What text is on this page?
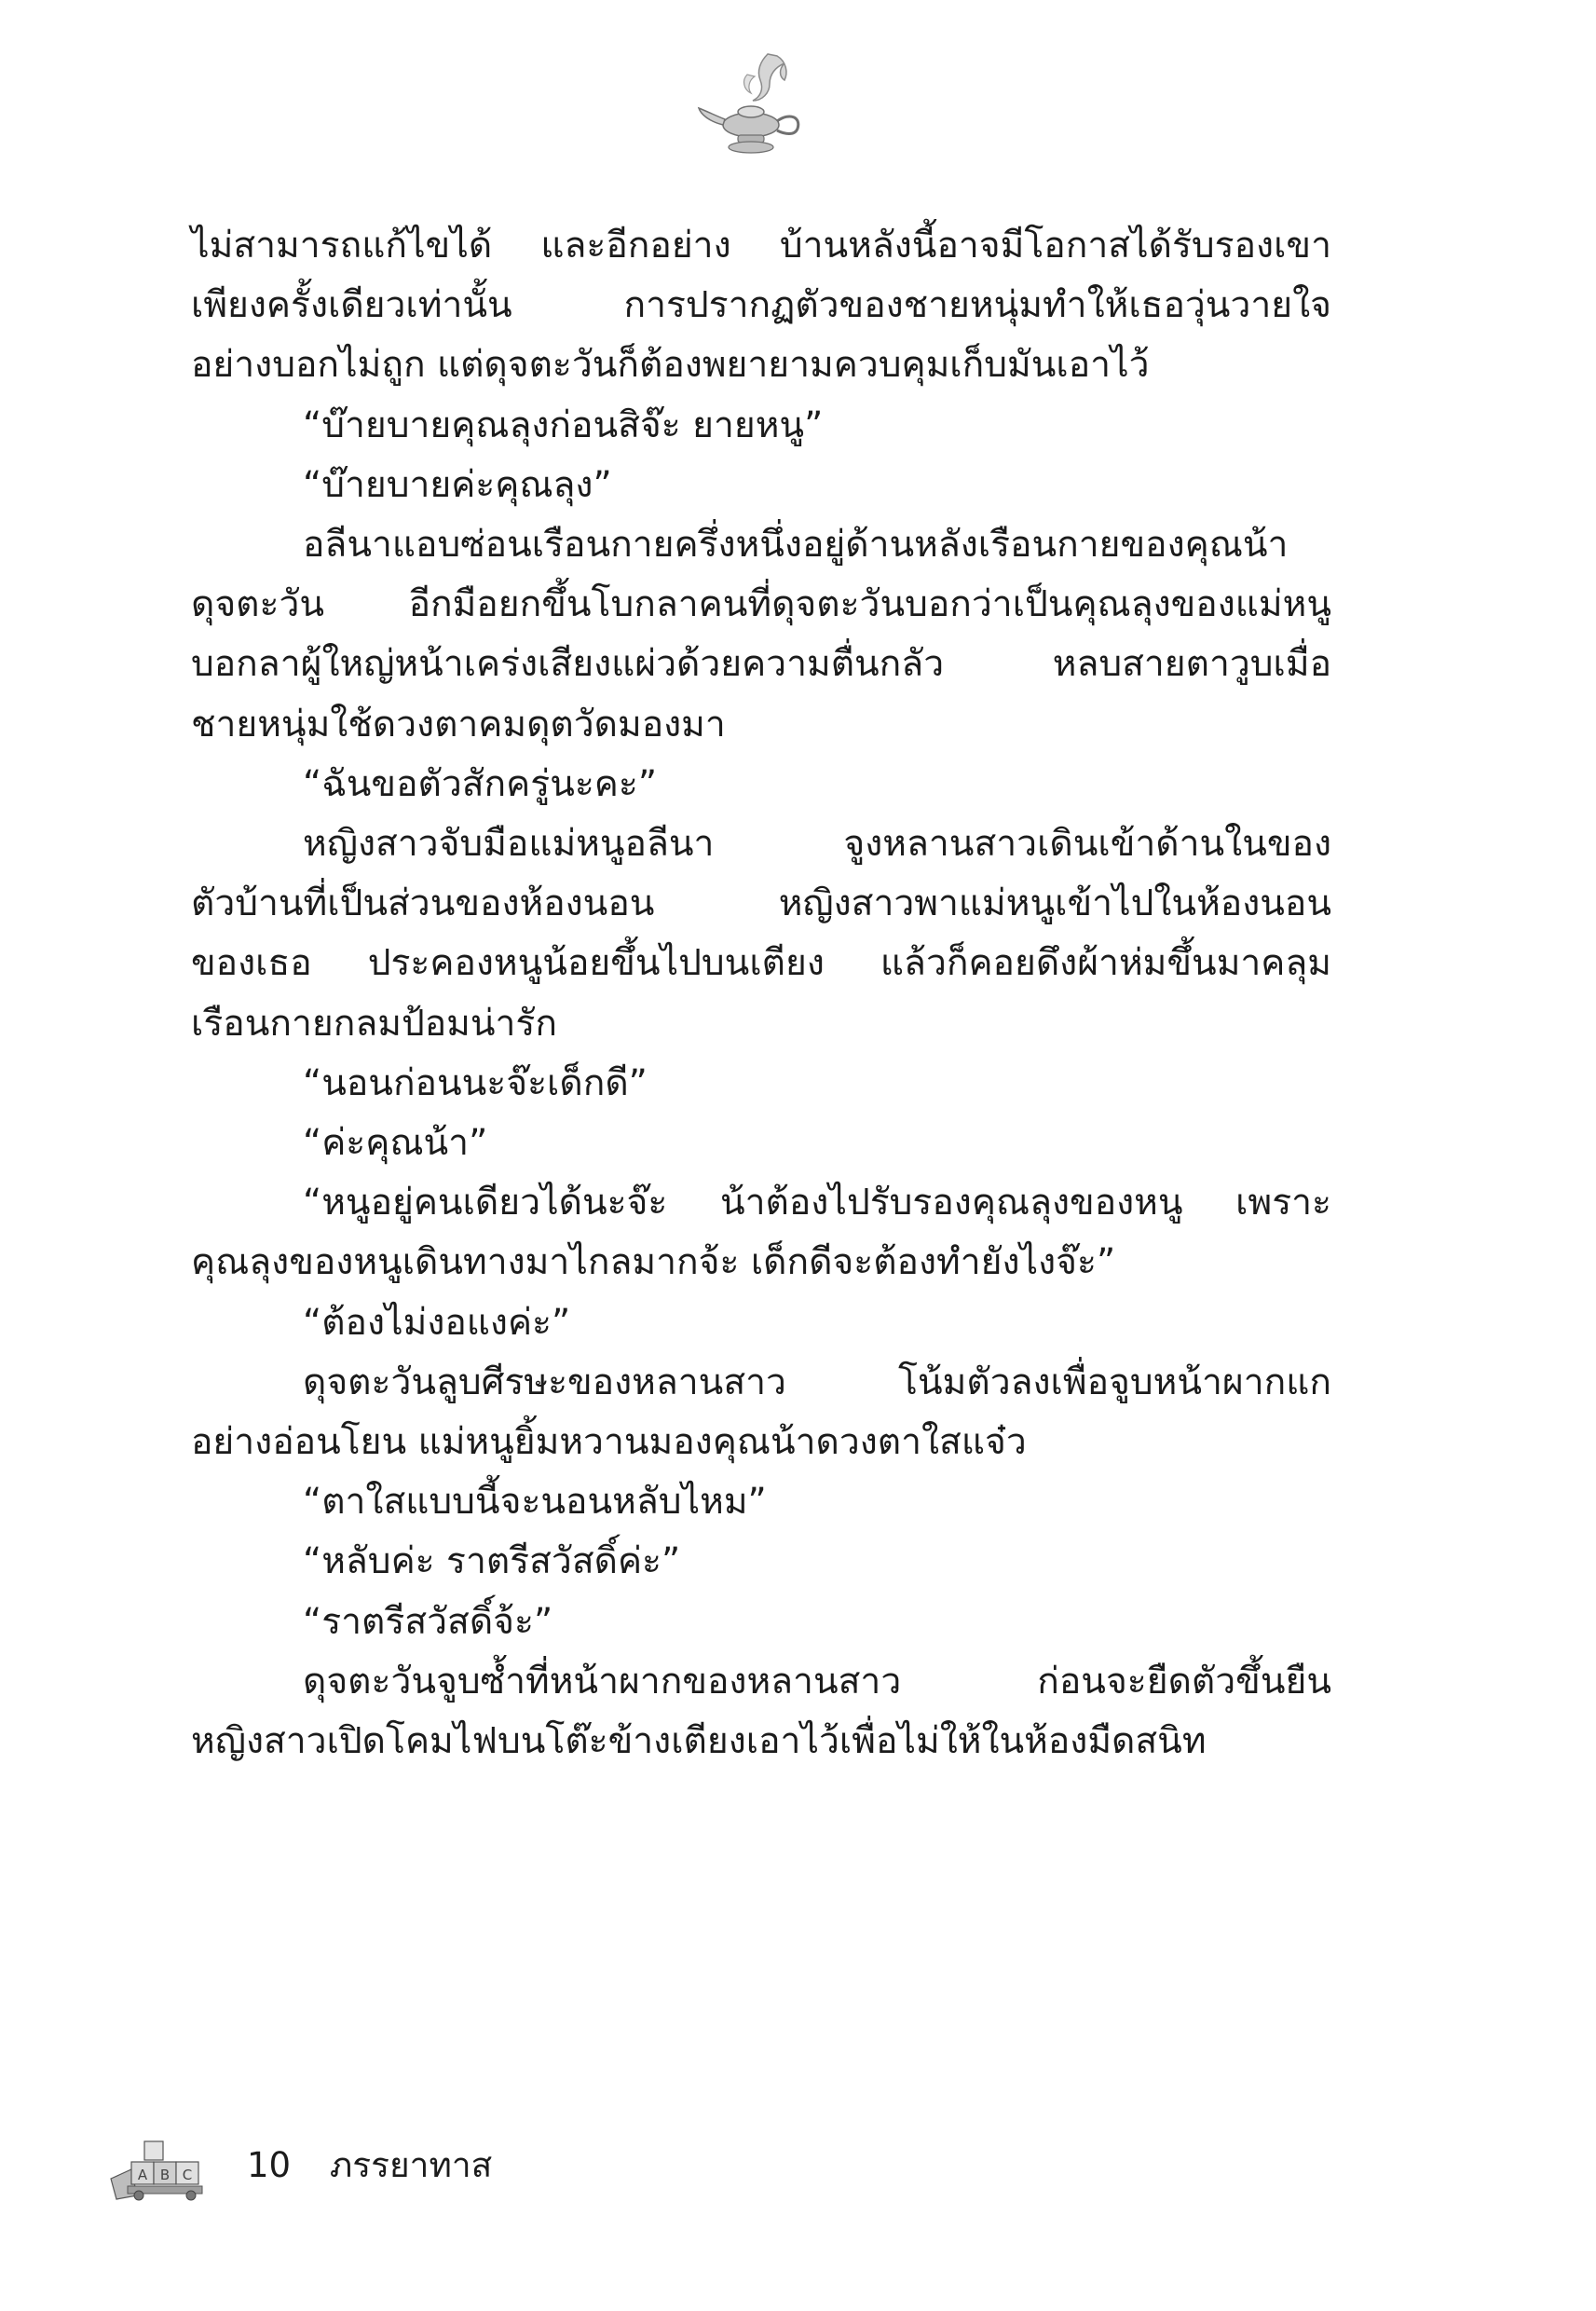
ไม่สามารถแก้ไขได้ และอีกอย่าง บ้านหลังนี้อาจมีโอกาสได้รับรองเขา
เพียงครั้งเดียวเท่านั้น การปรากฏตัวของชายหนุ่มทำให้เธอวุ่นวายใจ
อย่างบอกไม่ถูก แต่ดุจตะวันก็ต้องพยายามควบคุมเก็บมันเอาไว้
“บ๊ายบายคุณลุงก่อนสิจ๊ะ ยายหนู”
“บ๊ายบายค่ะคุณลุง”
อลีนาแอบซ่อนเรือนกายครึ่งหนึ่งอยู่ด้านหลังเรือนกายของคุณน้า
ดุจตะวัน อีกมือยกขึ้นโบกลาคนที่ดุจตะวันบอกว่าเป็นคุณลุงของแม่หนู
บอกลาผู้ใหญ่หน้าเคร่งเสียงแผ่วด้วยความตื่นกลัว หลบสายตาวูบเมื่อ
ชายหนุ่มใช้ดวงตาคมดุตวัดมองมา
“ฉันขอตัวสักครู่นะคะ”
หญิงสาวจับมือแม่หนูอลีนา จูงหลานสาวเดินเข้าด้านในของ
ตัวบ้านที่เป็นส่วนของห้องนอน หญิงสาวพาแม่หนูเข้าไปในห้องนอน
ของเธอ ประคองหนูน้อยขึ้นไปบนเตียง แล้วก็คอยดึงผ้าห่มขึ้นมาคลุม
เรือนกายกลมป้อมน่ารัก
“นอนก่อนนะจ๊ะเด็กดี”
“ค่ะคุณน้า”
“หนูอยู่คนเดียวได้นะจ๊ะ น้าต้องไปรับรองคุณลุงของหนู เพราะ
คุณลุงของหนูเดินทางมาไกลมากจ้ะ เด็กดีจะต้องทำยังไงจ๊ะ”
“ต้องไม่งอแงค่ะ”
ดุจตะวันลูบศีรษะของหลานสาว โน้มตัวลงเพื่อจูบหน้าผากแก
อย่างอ่อนโยน แม่หนูยิ้มหวานมองคุณน้าดวงตาใสแจ๋ว
“ตาใสแบบนี้จะนอนหลับไหม”
“หลับค่ะ ราตรีสวัสดิ์ค่ะ”
“ราตรีสวัสดิ์จ้ะ”
ดุจตะวันจูบซ้ำที่หน้าผากของหลานสาว ก่อนจะยืดตัวขึ้นยืน
หญิงสาวเปิดโคมไฟบนโต๊ะข้างเตียงเอาไว้เพื่อไม่ให้ในห้องมืดสนิท
A B C 10 ภรรยาทาส
